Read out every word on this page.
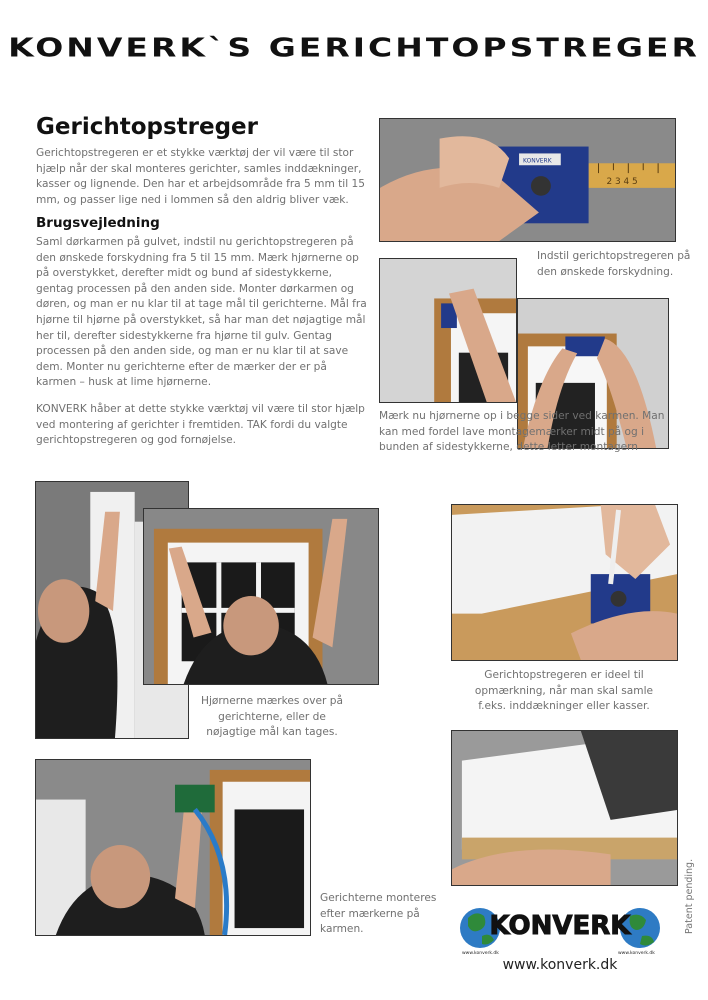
KONVERK`S GERICHTOPSTREGER
Gerichtopstreger
Gerichtopstregeren er et stykke værktøj der vil være til stor hjælp når der skal monteres gerichter, samles inddækninger, kasser og lignende. Den har et arbejdsområde fra 5 mm til 15 mm, og passer lige ned i lommen så den aldrig bliver væk.
Brugsvejledning
Saml dørkarmen på gulvet, indstil nu gerichtopstregeren på den ønskede forskydning fra 5 til 15 mm. Mærk hjørnerne op på overstykket, derefter midt og bund af sidestykkerne, gentag processen på den anden side. Monter dørkarmen og døren, og man er nu klar til at tage mål til gerichterne. Mål fra hjørne til hjørne på overstykket, så har man det nøjagtige mål her til, derefter sidestykkerne fra hjørne til gulv. Gentag processen på den anden side, og man er nu klar til at save dem. Monter nu gerichterne efter de mærker der er på karmen – husk at lime hjørnerne.
KONVERK håber at dette stykke værktøj vil være til stor hjælp ved montering af gerichter i fremtiden. TAK fordi du valgte gerichtopstregeren og god fornøjelse.
2 3 4 5
KONVERK
Indstil gerichtopstregeren på den ønskede forskydning.
Mærk nu hjørnerne op i begge sider ved karmen. Man kan med fordel lave montagemærker midt på og i bunden af sidestykkerne, dette letter montagern
Hjørnerne mærkes over på gerichterne, eller de nøjagtige mål kan tages.
Gerichtopstregeren er ideel til opmærkning, når man skal samle f.eks. inddækninger eller kasser.
Gerichterne monteres efter mærkerne på karmen.	KONVERK
www.konverk.dk	www.konverk.dk
www.konverk.dk
Patent pending.
